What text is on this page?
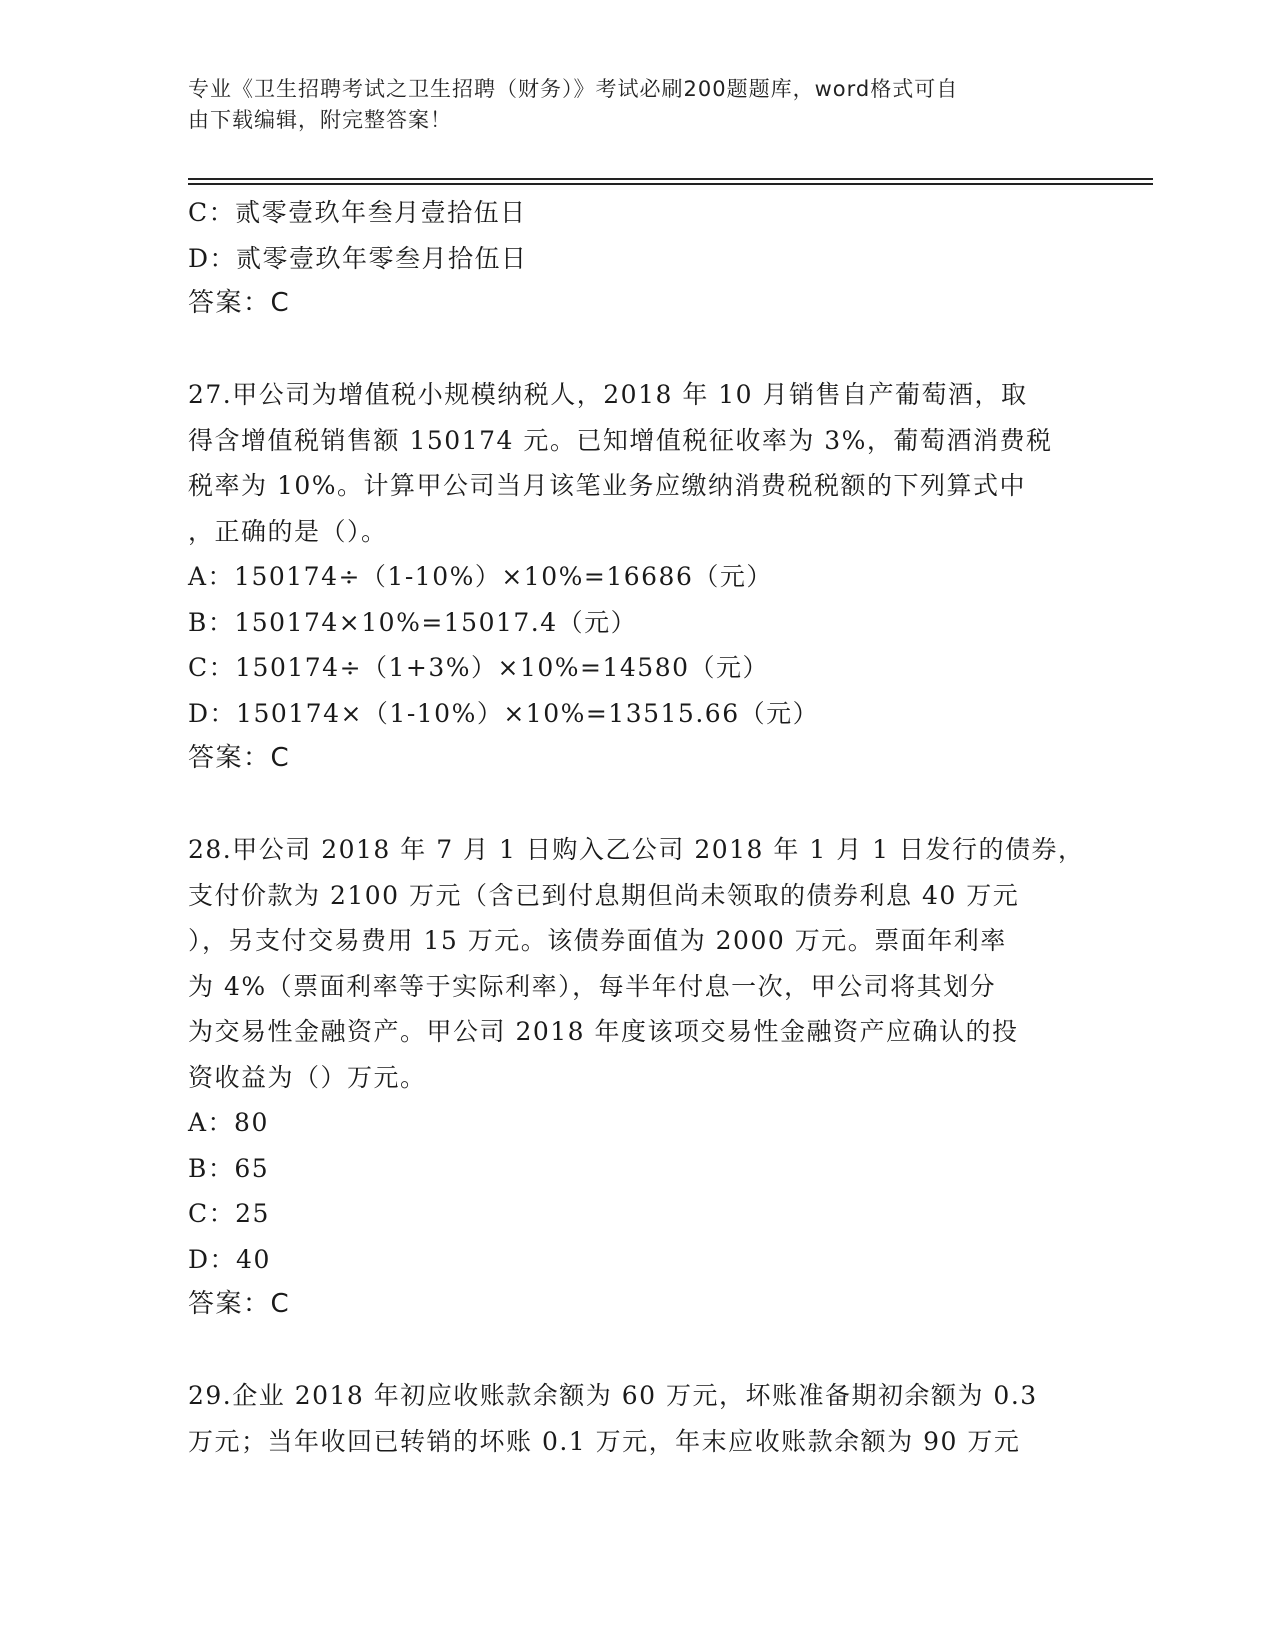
专业《卫生招聘考试之卫生招聘（财务）》考试必刷200题题库，word格式可自
由下载编辑，附完整答案！
C：贰零壹玖年叁月壹拾伍日
D：贰零壹玖年零叁月拾伍日
答案：C
27.甲公司为增值税小规模纳税人，2018 年 10 月销售自产葡萄酒，取
得含增值税销售额 150174 元。已知增值税征收率为 3%，葡萄酒消费税
税率为 10%。计算甲公司当月该笔业务应缴纳消费税税额的下列算式中
，正确的是（）。
A：150174÷（1-10%）×10%=16686（元）
B：150174×10%=15017.4（元）
C：150174÷（1+3%）×10%=14580（元）
D：150174×（1-10%）×10%=13515.66（元）
答案：C
28.甲公司 2018 年 7 月 1 日购入乙公司 2018 年 1 月 1 日发行的债券，
支付价款为 2100 万元（含已到付息期但尚未领取的债券利息 40 万元
），另支付交易费用 15 万元。该债券面值为 2000 万元。票面年利率
为 4%（票面利率等于实际利率），每半年付息一次，甲公司将其划分
为交易性金融资产。甲公司 2018 年度该项交易性金融资产应确认的投
资收益为（）万元。
A：80
B：65
C：25
D：40
答案：C
29.企业 2018 年初应收账款余额为 60 万元，坏账准备期初余额为 0.3
万元；当年收回已转销的坏账 0.1 万元，年末应收账款余额为 90 万元
